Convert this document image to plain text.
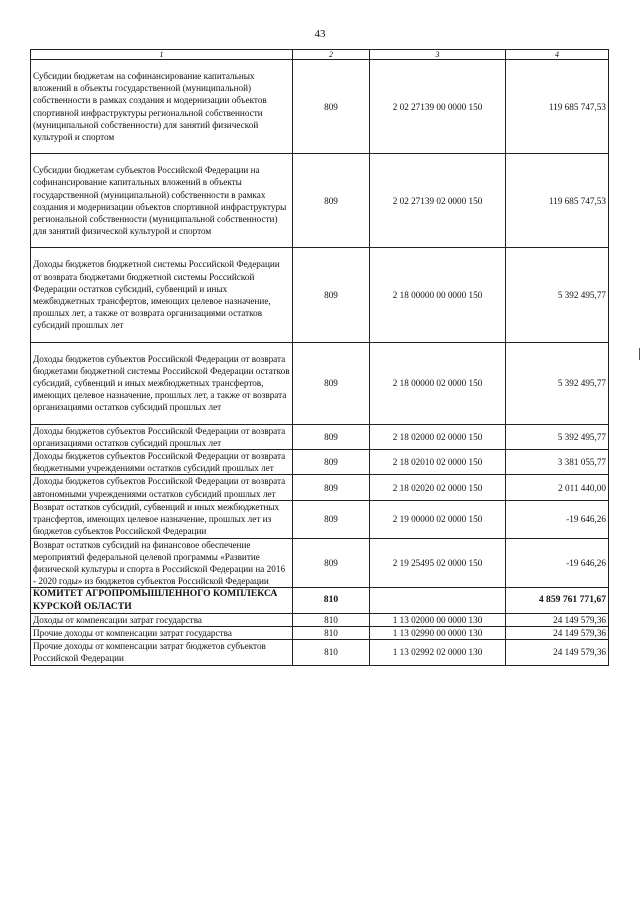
43
1	2	3	4
Субсидии бюджетам на софинансирование капитальных вложений в объекты государственной (муниципальной) собственности в рамках создания и модернизации объектов спортивной инфраструктуры региональной собственности (муниципальной собственности) для занятий физической культурой и спортом	809	2 02 27139 00 0000 150	119 685 747,53
Субсидии бюджетам субъектов Российской Федерации на софинансирование капитальных вложений в объекты государственной (муниципальной) собственности в рамках создания и модернизации объектов спортивной инфраструктуры региональной собственности (муниципальной собственности) для занятий физической культурой и спортом	809	2 02 27139 02 0000 150	119 685 747,53
Доходы бюджетов бюджетной системы Российской Федерации от возврата бюджетами бюджетной системы Российской Федерации остатков субсидий, субвенций и иных межбюджетных трансфертов, имеющих целевое назначение, прошлых лет, а также от возврата организациями остатков субсидий прошлых лет	809	2 18 00000 00 0000 150	5 392 495,77
Доходы бюджетов субъектов Российской Федерации от возврата бюджетами бюджетной системы Российской Федерации остатков субсидий, субвенций и иных межбюджетных трансфертов, имеющих целевое назначение, прошлых лет, а также от возврата организациями остатков субсидий прошлых лет	809	2 18 00000 02 0000 150	5 392 495,77
Доходы бюджетов субъектов Российской Федерации от возврата организациями остатков субсидий прошлых лет	809	2 18 02000 02 0000 150	5 392 495,77
Доходы бюджетов субъектов Российской Федерации от возврата бюджетными учреждениями остатков субсидий прошлых лет	809	2 18 02010 02 0000 150	3 381 055,77
Доходы бюджетов субъектов Российской Федерации от возврата автономными учреждениями остатков субсидий прошлых лет	809	2 18 02020 02 0000 150	2 011 440,00
Возврат остатков субсидий, субвенций и иных межбюджетных трансфертов, имеющих целевое назначение, прошлых лет из бюджетов субъектов Российской Федерации	809	2 19 00000 02 0000 150	-19 646,26
Возврат остатков субсидий на финансовое обеспечение мероприятий федеральной целевой программы «Развитие физической культуры и спорта в Российской Федерации на 2016 - 2020 годы» из бюджетов субъектов Российской Федерации	809	2 19 25495 02 0000 150	-19 646,26
КОМИТЕТ АГРОПРОМЫШЛЕННОГО КОМПЛЕКСА КУРСКОЙ ОБЛАСТИ	810		4 859 761 771,67
Доходы от компенсации затрат государства	810	1 13 02000 00 0000 130	24 149 579,36
Прочие доходы от компенсации затрат государства	810	1 13 02990 00 0000 130	24 149 579,36
Прочие доходы от компенсации затрат бюджетов субъектов Российской Федерации	810	1 13 02992 02 0000 130	24 149 579,36
